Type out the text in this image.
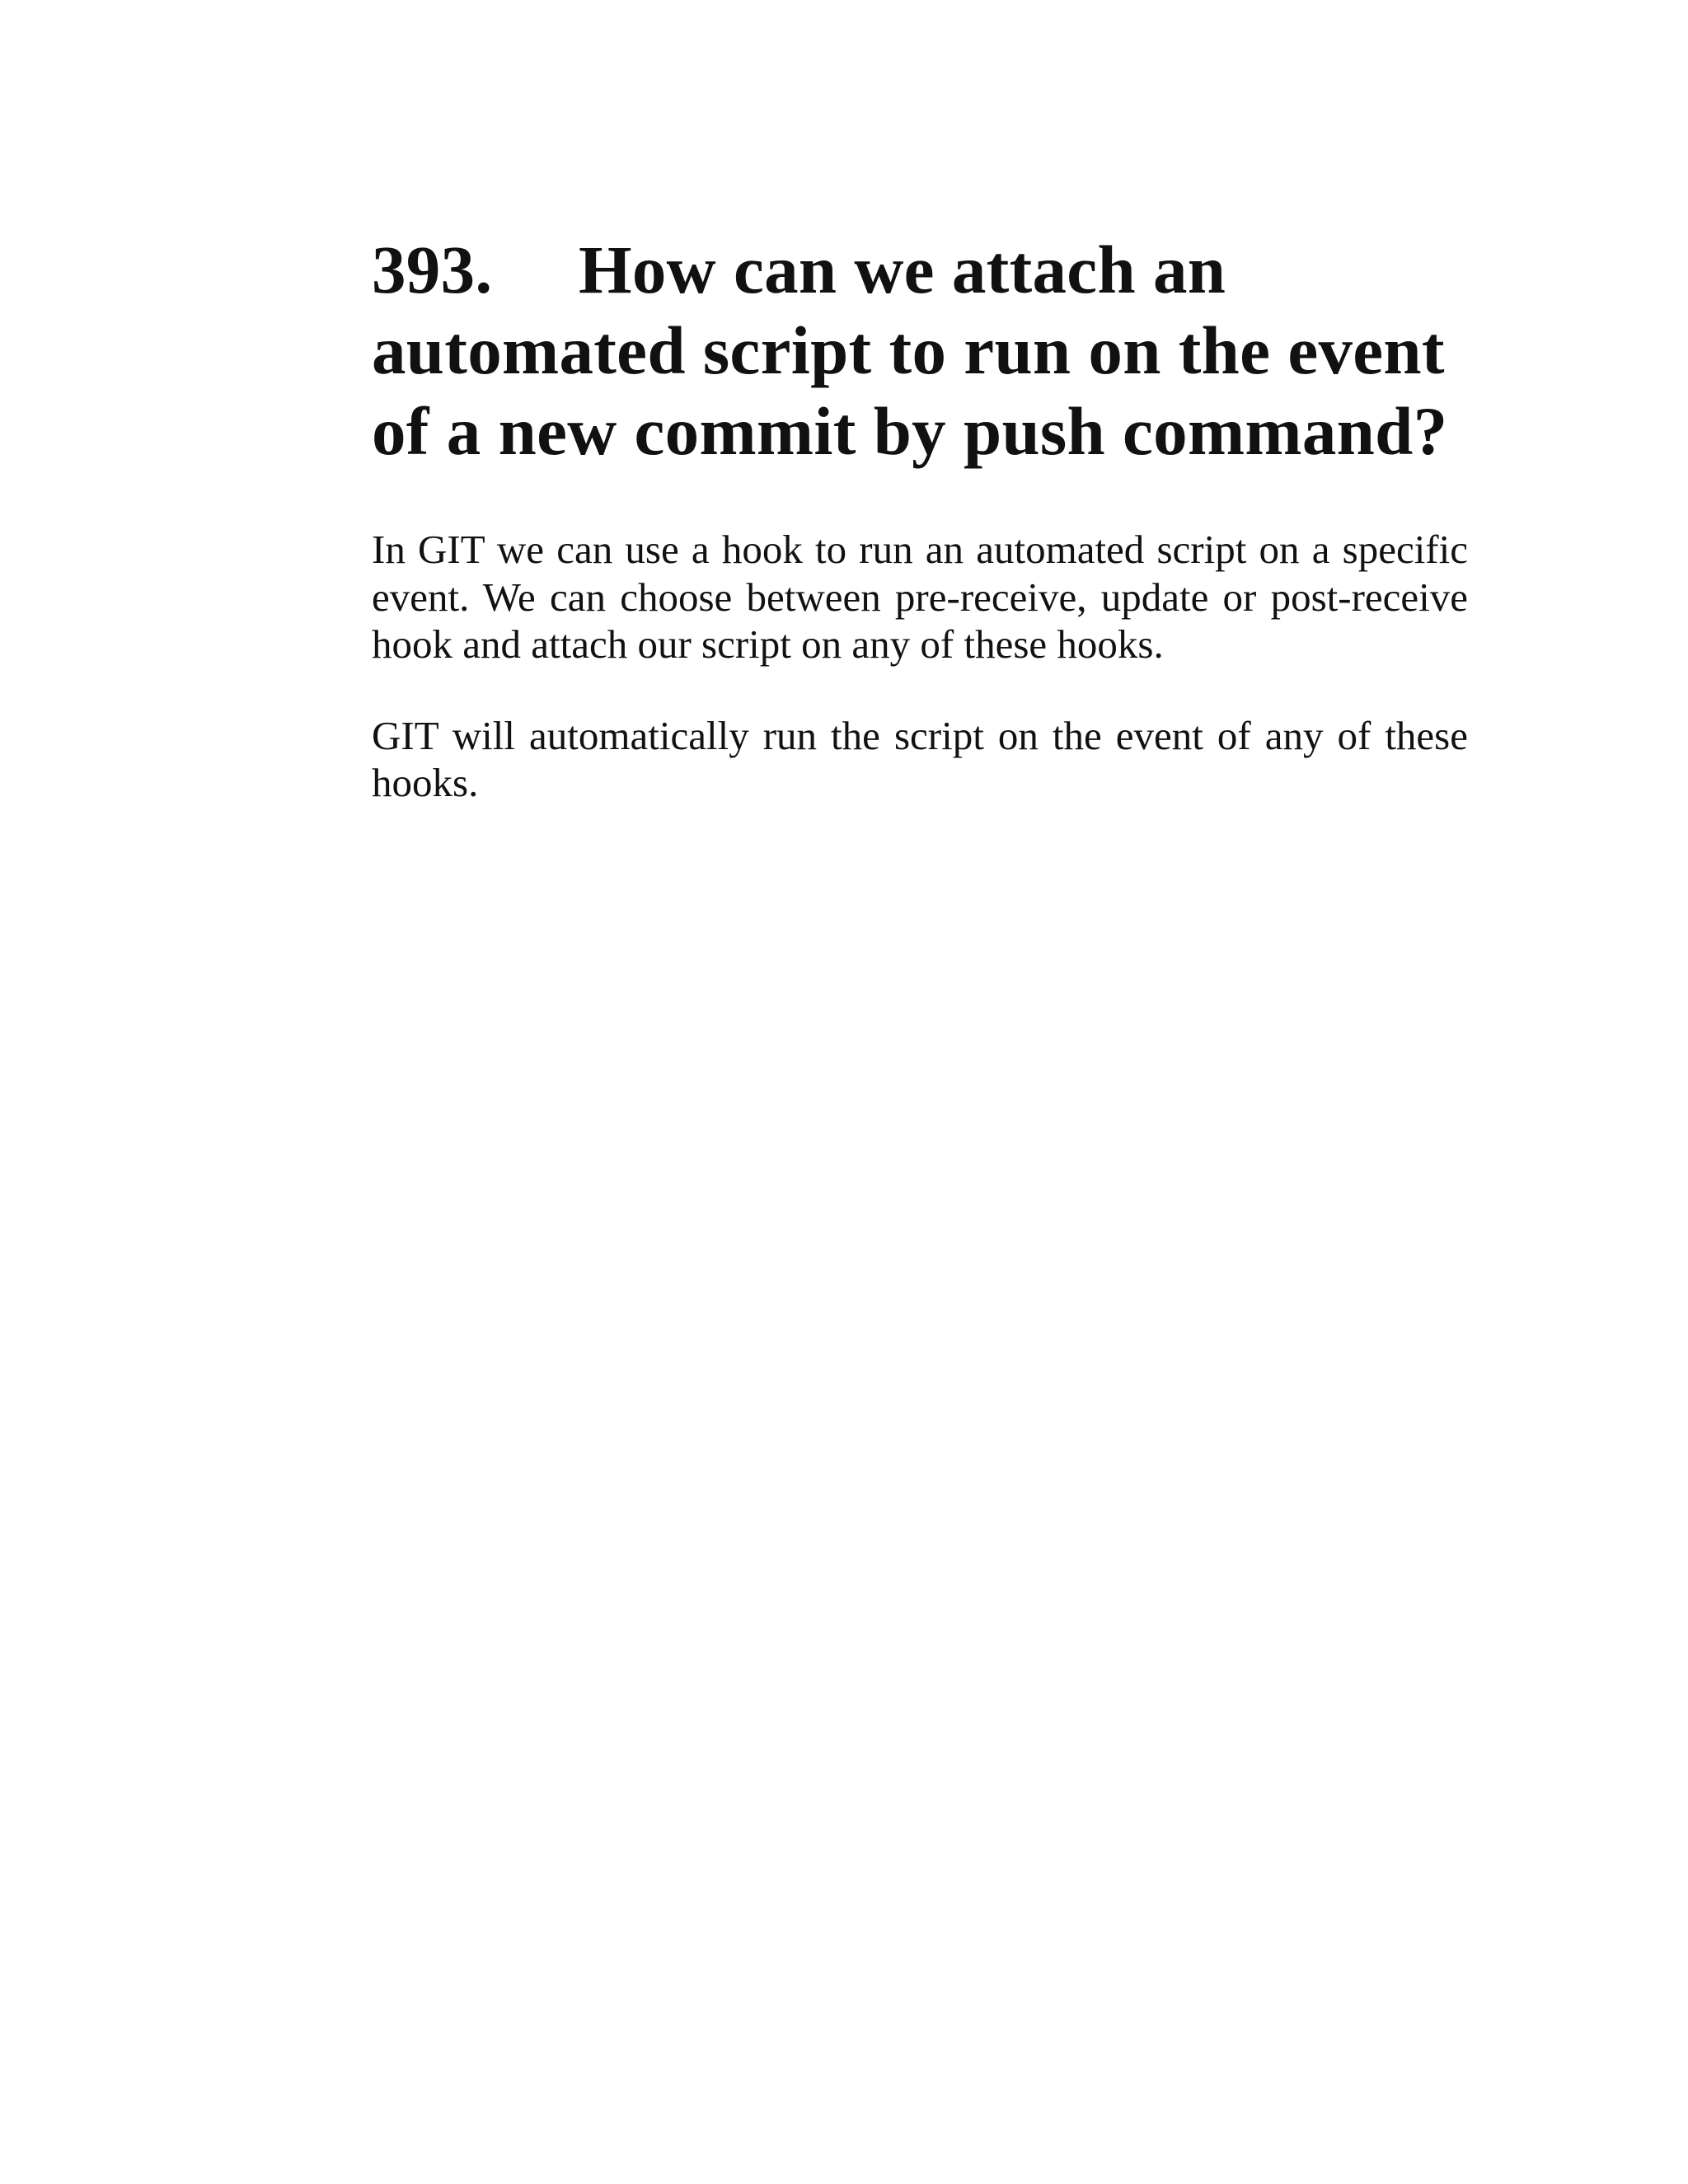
393. How can we attach an automated script to run on the event of a new commit by push command?

In GIT we can use a hook to run an automated script on a specific event. We can choose between pre-receive, update or post-receive hook and attach our script on any of these hooks.

GIT will automatically run the script on the event of any of these hooks.
